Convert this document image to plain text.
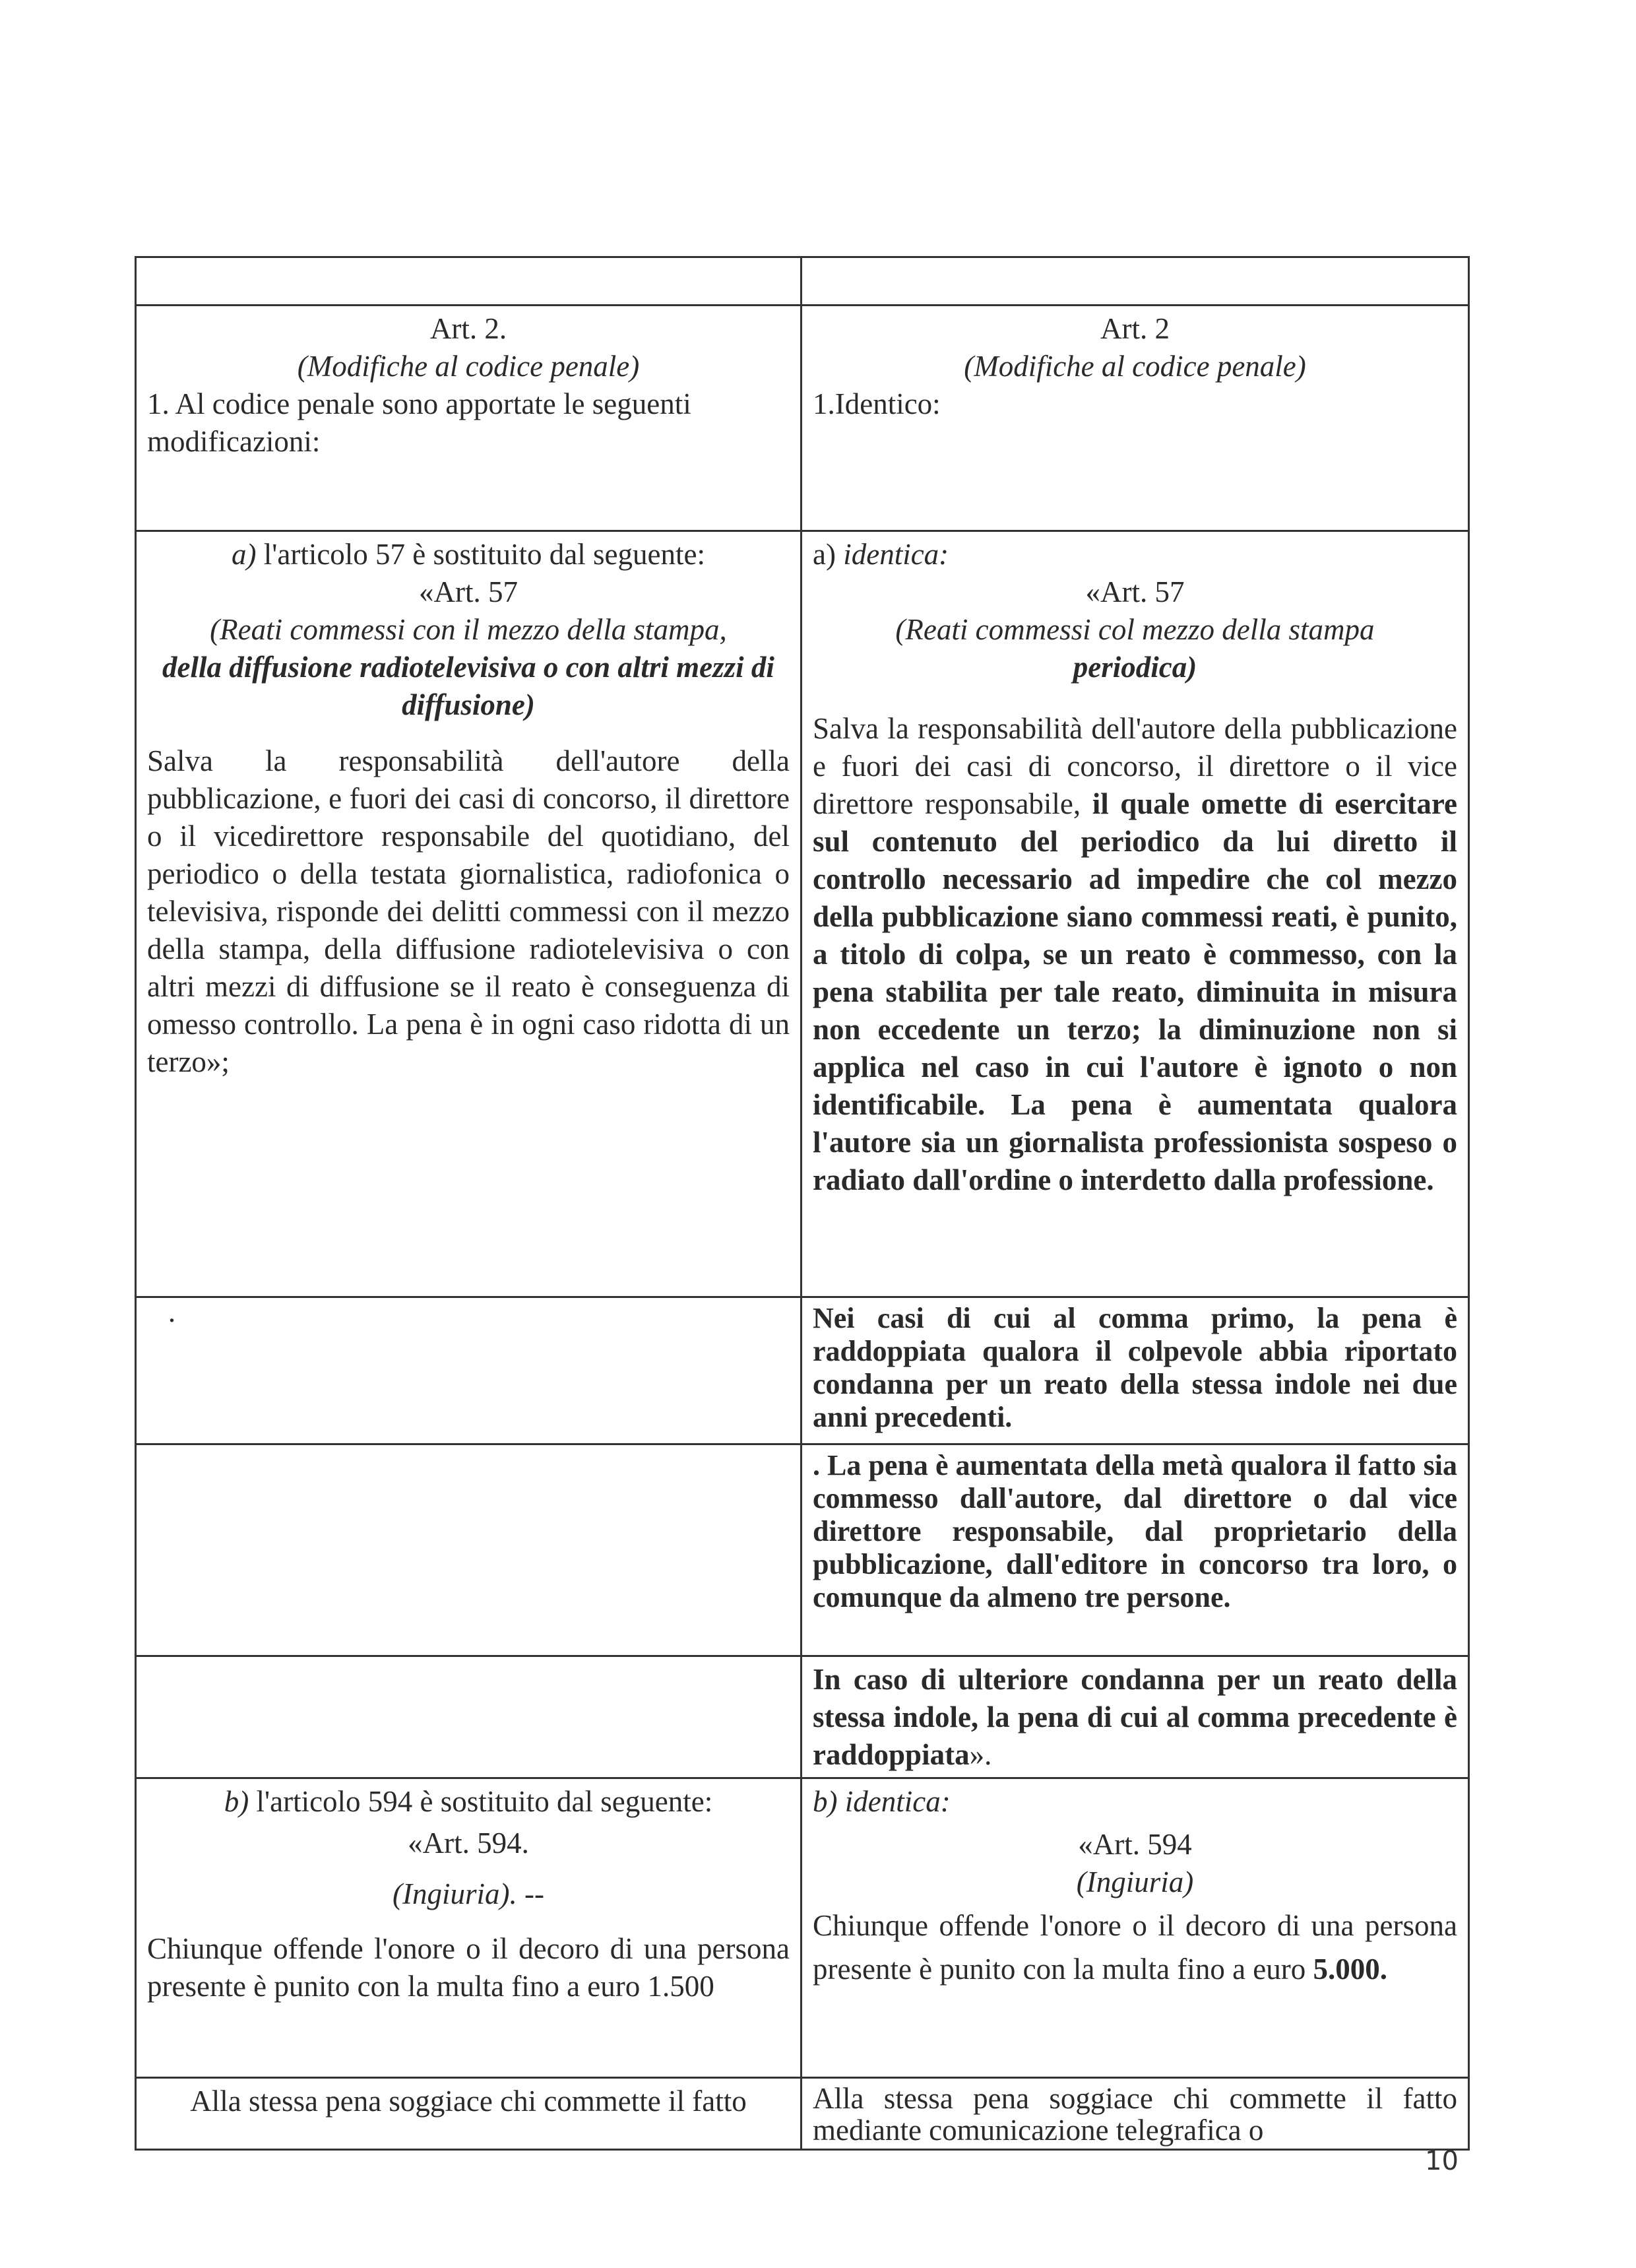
Art. 2.

(Modifiche al codice penale)

1. Al codice penale sono apportate le seguenti modificazioni:

Art. 2

(Modifiche al codice penale)

1.Identico:

a) l'articolo 57 è sostituito dal seguente:

«Art. 57

(Reati commessi con il mezzo della stampa,

della diffusione radiotelevisiva o con altri mezzi di diffusione)

Salva la responsabilità dell'autore della pubblicazione, e fuori dei casi di concorso, il direttore o il vicedirettore responsabile del quotidiano, del periodico o della testata giornalistica, radiofonica o televisiva, risponde dei delitti commessi con il mezzo della stampa, della diffusione radiotelevisiva o con altri mezzi di diffusione se il reato è conseguenza di omesso controllo. La pena è in ogni caso ridotta di un terzo»;

a) identica:

«Art. 57

(Reati commessi col mezzo della stampa

periodica)

Salva la responsabilità dell'autore della pubblicazione e fuori dei casi di concorso, il direttore o il vice direttore responsabile, il quale omette di esercitare sul contenuto del periodico da lui diretto il controllo necessario ad impedire che col mezzo della pubblicazione siano commessi reati, è punito, a titolo di colpa, se un reato è commesso, con la pena stabilita per tale reato, diminuita in misura non eccedente un terzo; la diminuzione non si applica nel caso in cui l'autore è ignoto o non identificabile. La pena è aumentata qualora l'autore sia un giornalista professionista sospeso o radiato dall'ordine o interdetto dalla professione.

·	Nei casi di cui al comma primo, la pena è raddoppiata qualora il colpevole abbia riportato condanna per un reato della stessa indole nei due anni precedenti.

. La pena è aumentata della metà qualora il fatto sia commesso dall'autore, dal direttore o dal vice direttore responsabile, dal proprietario della pubblicazione, dall'editore in concorso tra loro, o comunque da almeno tre persone.

In caso di ulteriore condanna per un reato della stessa indole, la pena di cui al comma precedente è raddoppiata».

b) l'articolo 594 è sostituito dal seguente:

«Art. 594.

(Ingiuria). --

Chiunque offende l'onore o il decoro di una persona presente è punito con la multa fino a euro 1.500

b) identica:

«Art. 594

(Ingiuria)

Chiunque offende l'onore o il decoro di una persona presente è punito con la multa fino a euro 5.000.

Alla stessa pena soggiace chi commette il fatto	Alla stessa pena soggiace chi commette il fatto mediante comunicazione telegrafica o

10
